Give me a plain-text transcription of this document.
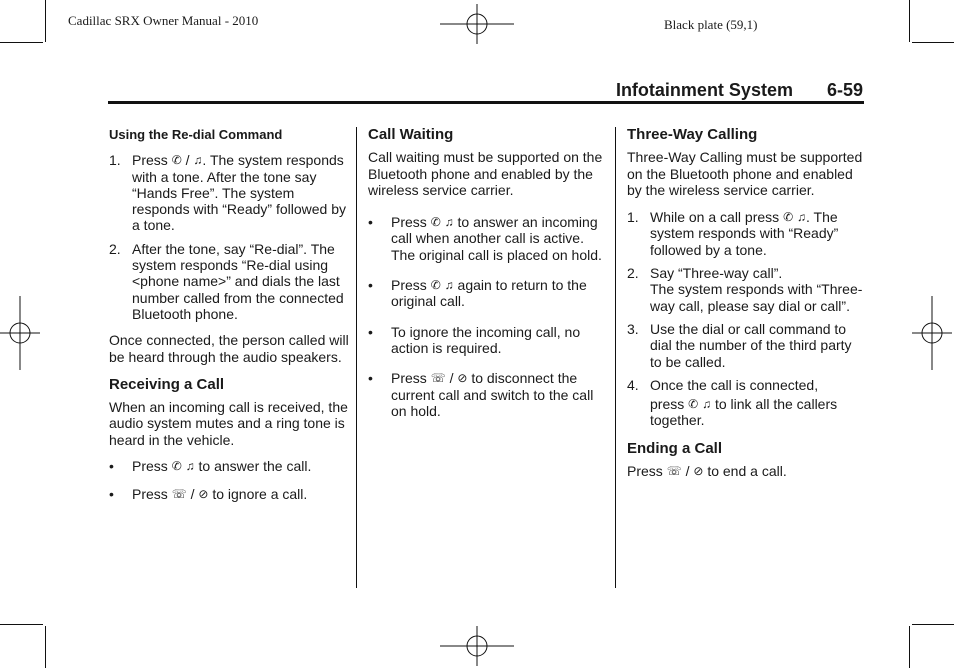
Cadillac SRX Owner Manual - 2010	Black plate (59,1)
Infotainment System 6-59
Using the Re-dial Command
1. Press ✆ / ♫. The system responds with a tone. After the tone say “Hands Free”. The system responds with “Ready” followed by a tone.
2. After the tone, say “Re-dial”. The system responds “Re-dial using <phone name>” and dials the last number called from the connected Bluetooth phone.

Once connected, the person called will be heard through the audio speakers.

Receiving a Call

When an incoming call is received, the audio system mutes and a ring tone is heard in the vehicle.

• Press ✆ ♫ to answer the call.
• Press ☏ / ⊘ to ignore a call.
Call Waiting

Call waiting must be supported on the Bluetooth phone and enabled by the wireless service carrier.

• Press ✆ ♫ to answer an incoming call when another call is active. The original call is placed on hold.
• Press ✆ ♫ again to return to the original call.
• To ignore the incoming call, no action is required.
• Press ☏ / ⊘ to disconnect the current call and switch to the call on hold.
Three-Way Calling

Three-Way Calling must be supported on the Bluetooth phone and enabled by the wireless service carrier.

1. While on a call press ✆ ♫. The system responds with “Ready” followed by a tone.
2. Say “Three-way call”.
The system responds with “Three-way call, please say dial or call”.
3. Use the dial or call command to dial the number of the third party to be called.
4. Once the call is connected,
press ✆ ♫ to link all the callers together.
Ending a Call

Press ☏ / ⊘ to end a call.
